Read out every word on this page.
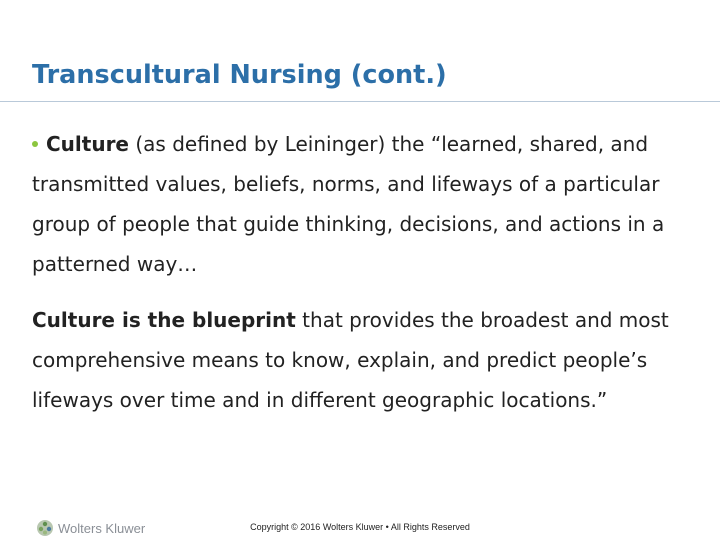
Transcultural Nursing (cont.)

Culture (as defined by Leininger) the “learned, shared, and transmitted values, beliefs, norms, and lifeways of a particular group of people that guide thinking, decisions, and actions in a patterned way…

Culture is the blueprint that provides the broadest and most comprehensive means to know, explain, and predict people’s lifeways over time and in different geographic locations.”

Wolters Kluwer	Copyright © 2016 Wolters Kluwer • All Rights Reserved
